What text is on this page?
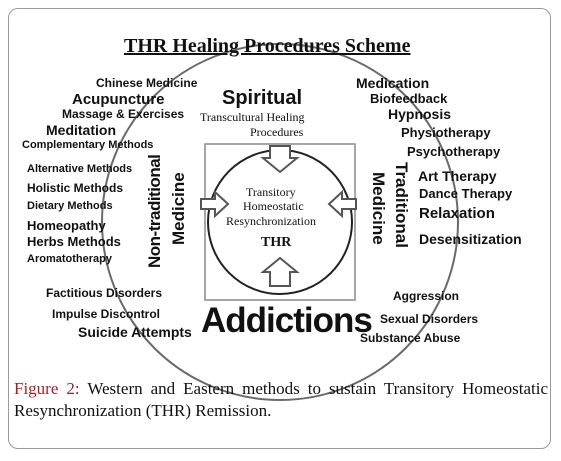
THR Healing Procedures Scheme
Spiritual
Transcultural Healing
Procedures
Transitory
Homeostatic
Resynchronization
THR
Non-traditional Medicine	Traditional
Medicine
Addictions
Chinese Medicine
Acupuncture
Massage & Exercises
Meditation
Complementary Methods
Alternative Methods
Holistic Methods
Dietary Methods
Homeopathy
Herbs Methods
Aromatotherapy
Medication
Biofeedback
Hypnosis
Physiotherapy
Psychotherapy
Art Therapy
Dance Therapy
Relaxation
Desensitization
Factitious Disorders
Impulse Discontrol
Suicide Attempts
Aggression
Sexual Disorders
Substance Abuse
Figure 2: Western and Eastern methods to sustain Transitory Homeostatic Resynchronization (THR) Remission.
